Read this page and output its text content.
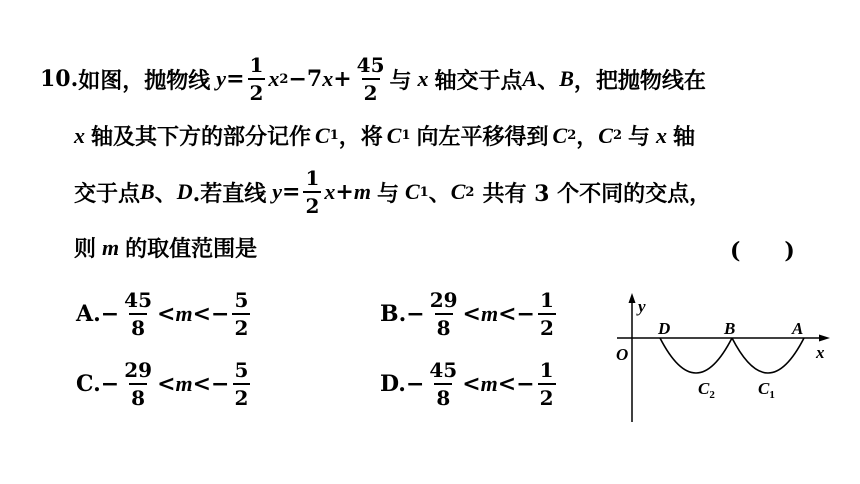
10. 如图，抛物线 $y = \frac{1}{2}$ x 2 −7 $x + \frac{45}{2}$ 与 x 轴交于点 A 、 B ，把抛物线在
x 轴及其下方的部分记作 C 1 ，将 C 1 向左平移得到 C 2 ， C 2 与 x 轴
交于点 B 、 D .若直线 $y = \frac{1}{2}$ x + m 与 C 1 、 C 2 共有 3 个不同的交点，
则 m 的取值范围是	(　　)
$A.- \frac{45}{8} < m <- \frac{5}{2}$	$B.- \frac{29}{8} < m <- \frac{1}{2}$
$C.- \frac{29}{8} < m <- \frac{5}{2}$	$D.- \frac{45}{8} < m <- \frac{1}{2}$
y
x
O
D	B	A
$C_2$	$C_1$
